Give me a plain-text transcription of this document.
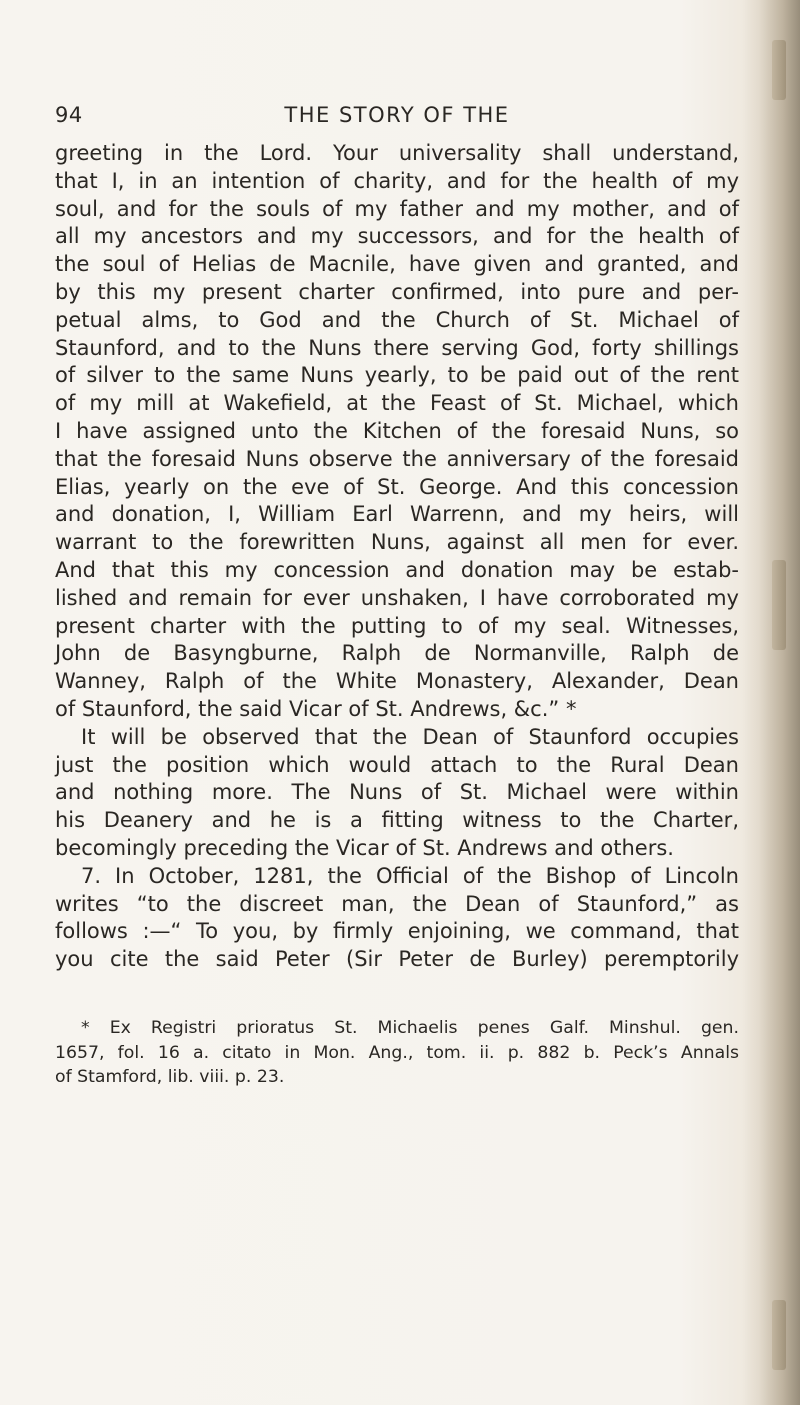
94	THE STORY OF THE
greeting in the Lord. Your universality shall understand,
that I, in an intention of charity, and for the health of my
soul, and for the souls of my father and my mother, and of
all my ancestors and my successors, and for the health of
the soul of Helias de Macnile, have given and granted, and
by this my present charter confirmed, into pure and per-
petual alms, to God and the Church of St. Michael of
Staunford, and to the Nuns there serving God, forty shillings
of silver to the same Nuns yearly, to be paid out of the rent
of my mill at Wakefield, at the Feast of St. Michael, which
I have assigned unto the Kitchen of the foresaid Nuns, so
that the foresaid Nuns observe the anniversary of the foresaid
Elias, yearly on the eve of St. George. And this concession
and donation, I, William Earl Warrenn, and my heirs, will
warrant to the forewritten Nuns, against all men for ever.
And that this my concession and donation may be estab-
lished and remain for ever unshaken, I have corroborated my
present charter with the putting to of my seal. Witnesses,
John de Basyngburne, Ralph de Normanville, Ralph de
Wanney, Ralph of the White Monastery, Alexander, Dean
of Staunford, the said Vicar of St. Andrews, &c.” *
It will be observed that the Dean of Staunford occupies
just the position which would attach to the Rural Dean
and nothing more. The Nuns of St. Michael were within
his Deanery and he is a fitting witness to the Charter,
becomingly preceding the Vicar of St. Andrews and others.
7. In October, 1281, the Official of the Bishop of Lincoln
writes “to the discreet man, the Dean of Staunford,” as
follows :—“ To you, by firmly enjoining, we command, that
you cite the said Peter (Sir Peter de Burley) peremptorily
* Ex Registri prioratus St. Michaelis penes Galf. Minshul. gen.
1657, fol. 16 a. citato in Mon. Ang., tom. ii. p. 882 b. Peck’s Annals
of Stamford, lib. viii. p. 23.
